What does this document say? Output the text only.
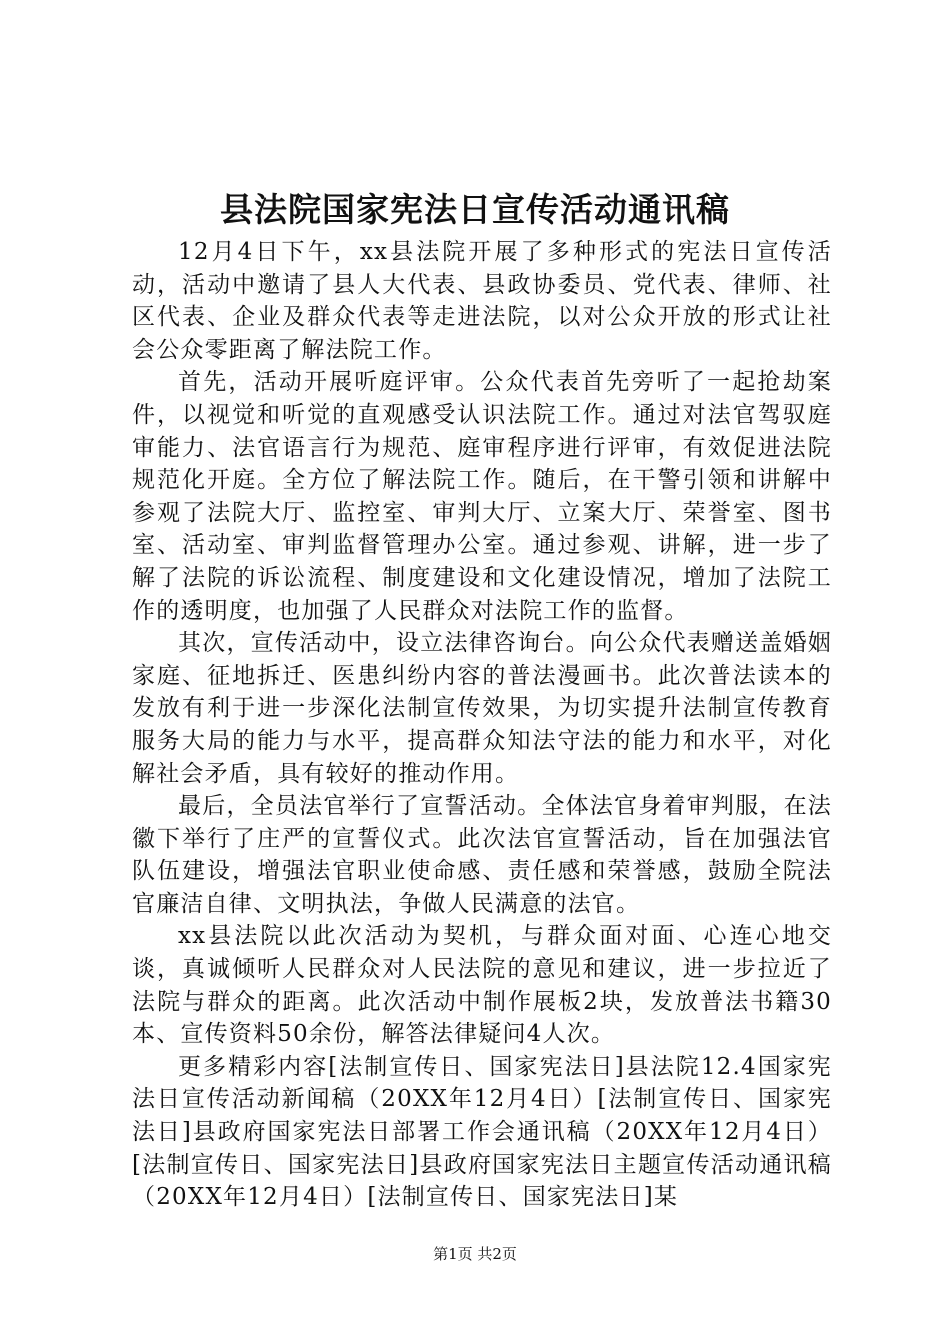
县法院国家宪法日宣传活动通讯稿

12月4日下午，xx县法院开展了多种形式的宪法日宣传活动，活动中邀请了县人大代表、县政协委员、党代表、律师、社区代表、企业及群众代表等走进法院，以对公众开放的形式让社会公众零距离了解法院工作。

首先，活动开展听庭评审。公众代表首先旁听了一起抢劫案件，以视觉和听觉的直观感受认识法院工作。通过对法官驾驭庭审能力、法官语言行为规范、庭审程序进行评审，有效促进法院规范化开庭。全方位了解法院工作。随后，在干警引领和讲解中参观了法院大厅、监控室、审判大厅、立案大厅、荣誉室、图书室、活动室、审判监督管理办公室。通过参观、讲解，进一步了解了法院的诉讼流程、制度建设和文化建设情况，增加了法院工作的透明度，也加强了人民群众对法院工作的监督。

其次，宣传活动中，设立法律咨询台。向公众代表赠送盖婚姻家庭、征地拆迁、医患纠纷内容的普法漫画书。此次普法读本的发放有利于进一步深化法制宣传效果，为切实提升法制宣传教育服务大局的能力与水平，提高群众知法守法的能力和水平，对化解社会矛盾，具有较好的推动作用。

最后，全员法官举行了宣誓活动。全体法官身着审判服，在法徽下举行了庄严的宣誓仪式。此次法官宣誓活动，旨在加强法官队伍建设，增强法官职业使命感、责任感和荣誉感，鼓励全院法官廉洁自律、文明执法，争做人民满意的法官。

xx县法院以此次活动为契机，与群众面对面、心连心地交谈，真诚倾听人民群众对人民法院的意见和建议，进一步拉近了法院与群众的距离。此次活动中制作展板2块，发放普法书籍30本、宣传资料50余份，解答法律疑问4人次。

更多精彩内容[法制宣传日、国家宪法日]县法院12.4国家宪法日宣传活动新闻稿（20XX年12月4日）[法制宣传日、国家宪法日]县政府国家宪法日部署工作会通讯稿（20XX年12月4日）[法制宣传日、国家宪法日]县政府国家宪法日主题宣传活动通讯稿（20XX年12月4日）[法制宣传日、国家宪法日]某

第1页 共2页
